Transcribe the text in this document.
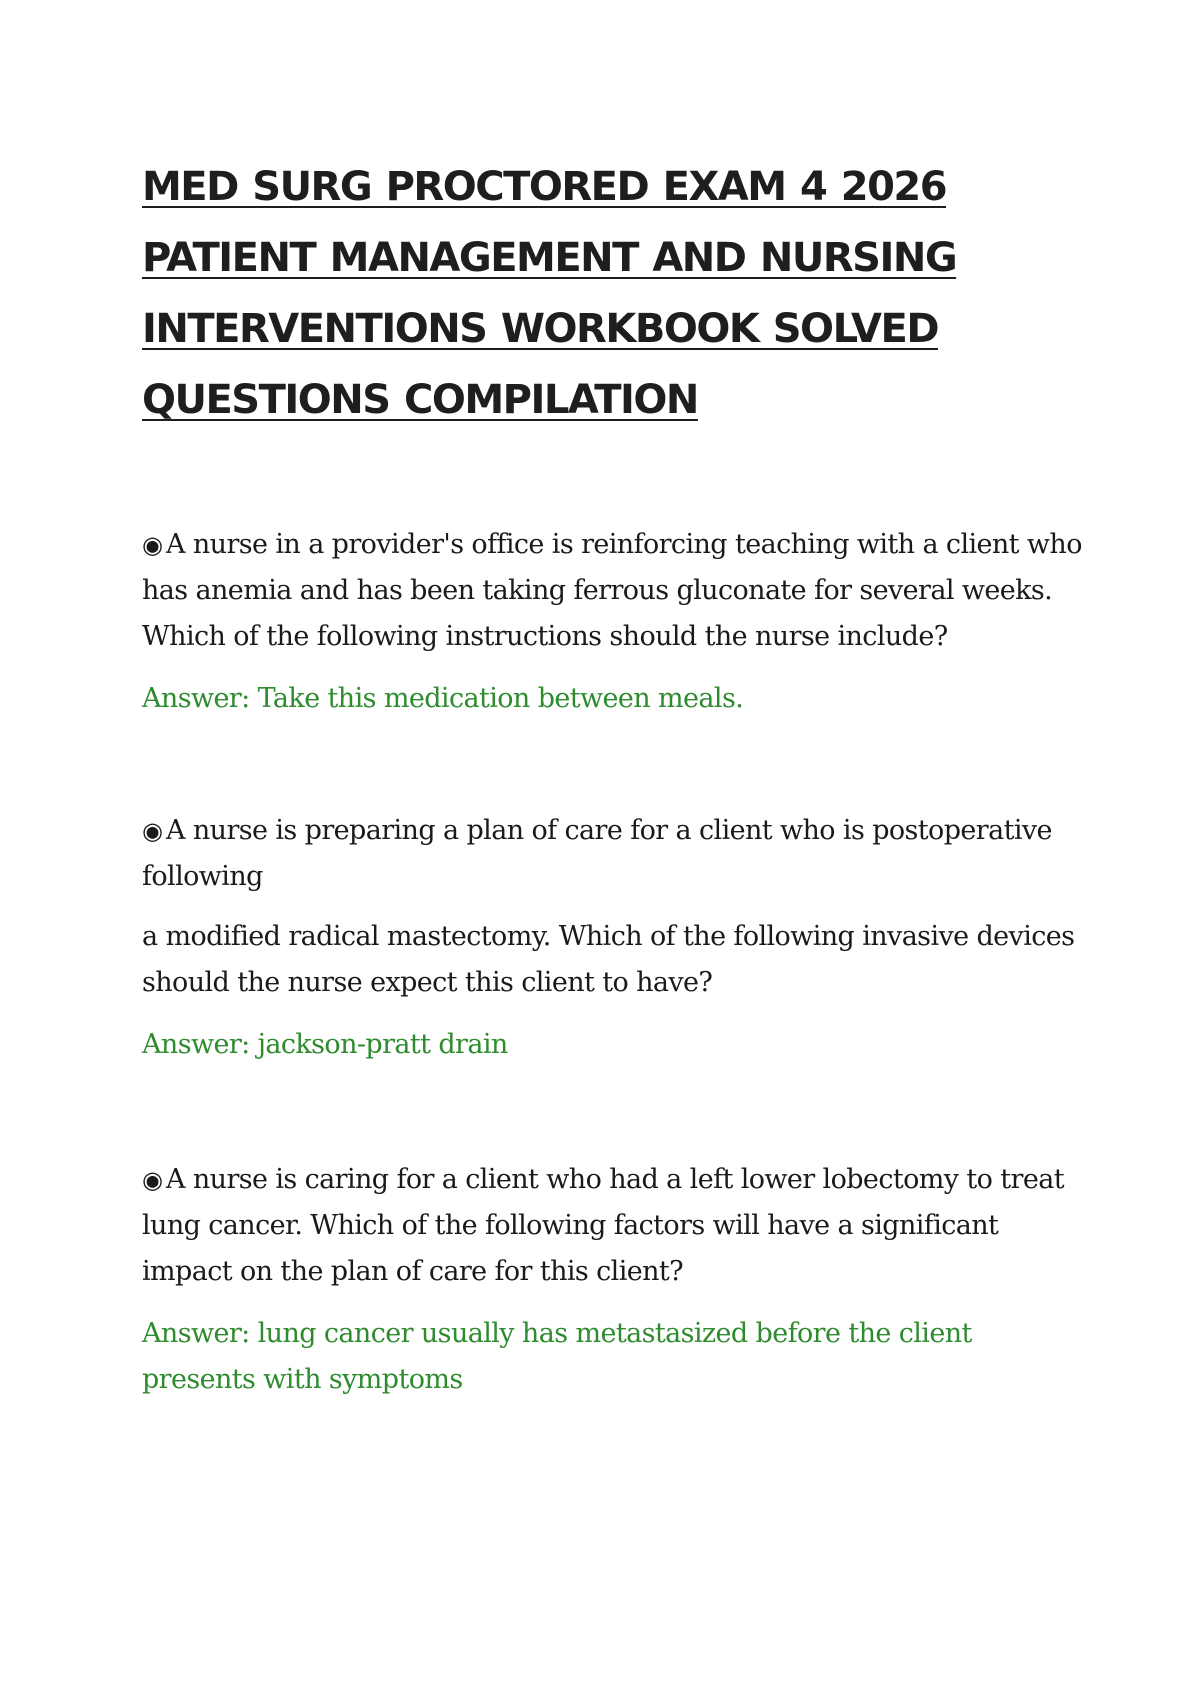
MED SURG PROCTORED EXAM 4 2026 PATIENT MANAGEMENT AND NURSING INTERVENTIONS WORKBOOK SOLVED QUESTIONS COMPILATION

◉ A nurse in a provider's office is reinforcing teaching with a client who has anemia and has been taking ferrous gluconate for several weeks. Which of the following instructions should the nurse include?

Answer: Take this medication between meals.

◉ A nurse is preparing a plan of care for a client who is postoperative following

a modified radical mastectomy. Which of the following invasive devices should the nurse expect this client to have?

Answer: jackson-pratt drain

◉ A nurse is caring for a client who had a left lower lobectomy to treat lung cancer. Which of the following factors will have a significant impact on the plan of care for this client?

Answer: lung cancer usually has metastasized before the client presents with symptoms
